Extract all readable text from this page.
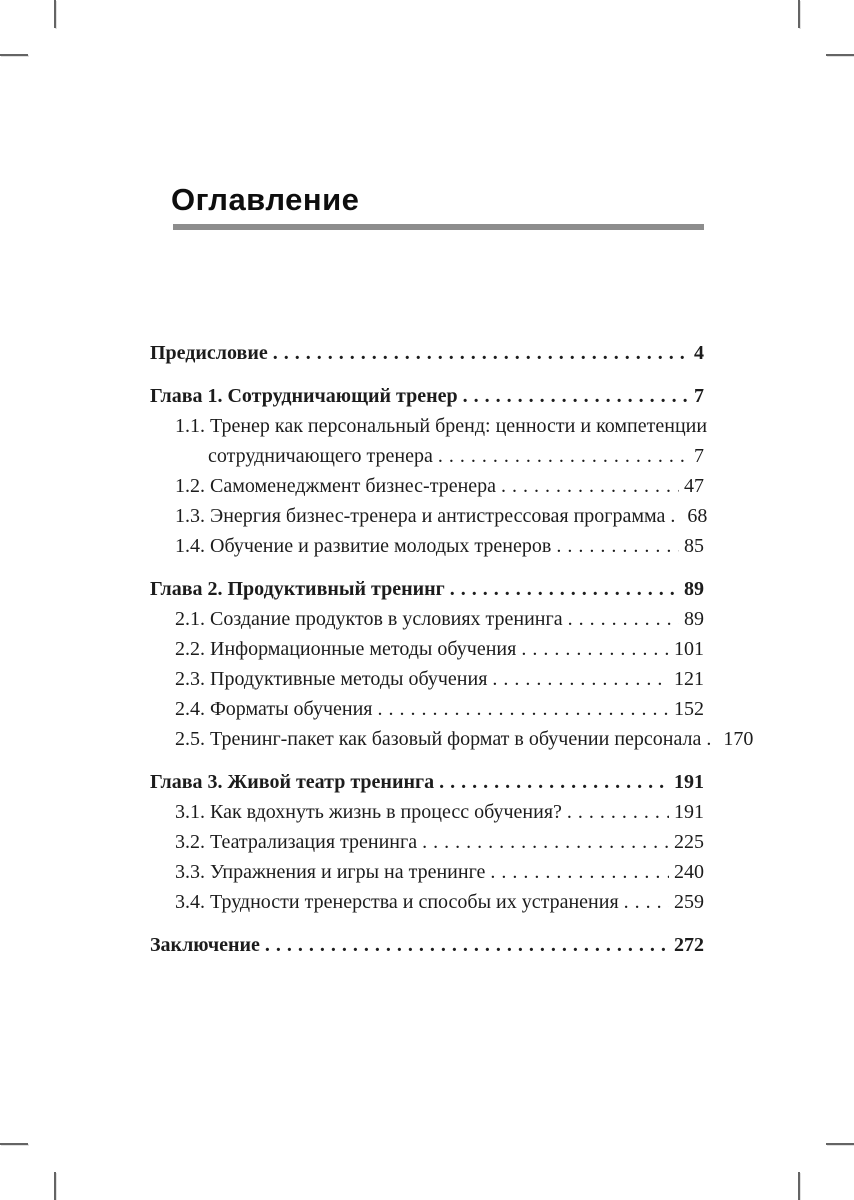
Оглавление
Предисловие . . .	4
Глава 1. Сотрудничающий тренер . . .	7
1.1. Тренер как персональный бренд: ценности и компетенции
сотрудничающего тренера . . .	7
1.2. Самоменеджмент бизнес-тренера . . .	47
1.3. Энергия бизнес-тренера и антистрессовая программа . . . 68
1.4. Обучение и развитие молодых тренеров . . .	85
Глава 2. Продуктивный тренинг . . .	89
2.1. Создание продуктов в условиях тренинга . . .	89
2.2. Информационные методы обучения . . .	101
2.3. Продуктивные методы обучения . . .	121
2.4. Форматы обучения . . .	152
2.5. Тренинг-пакет как базовый формат в обучении персонала . . . 170
Глава 3. Живой театр тренинга . . .	191
3.1. Как вдохнуть жизнь в процесс обучения? . . .	191
3.2. Театрализация тренинга . . .	225
3.3. Упражнения и игры на тренинге . . .	240
3.4. Трудности тренерства и способы их устранения . . .	259
Заключение . . .	272
